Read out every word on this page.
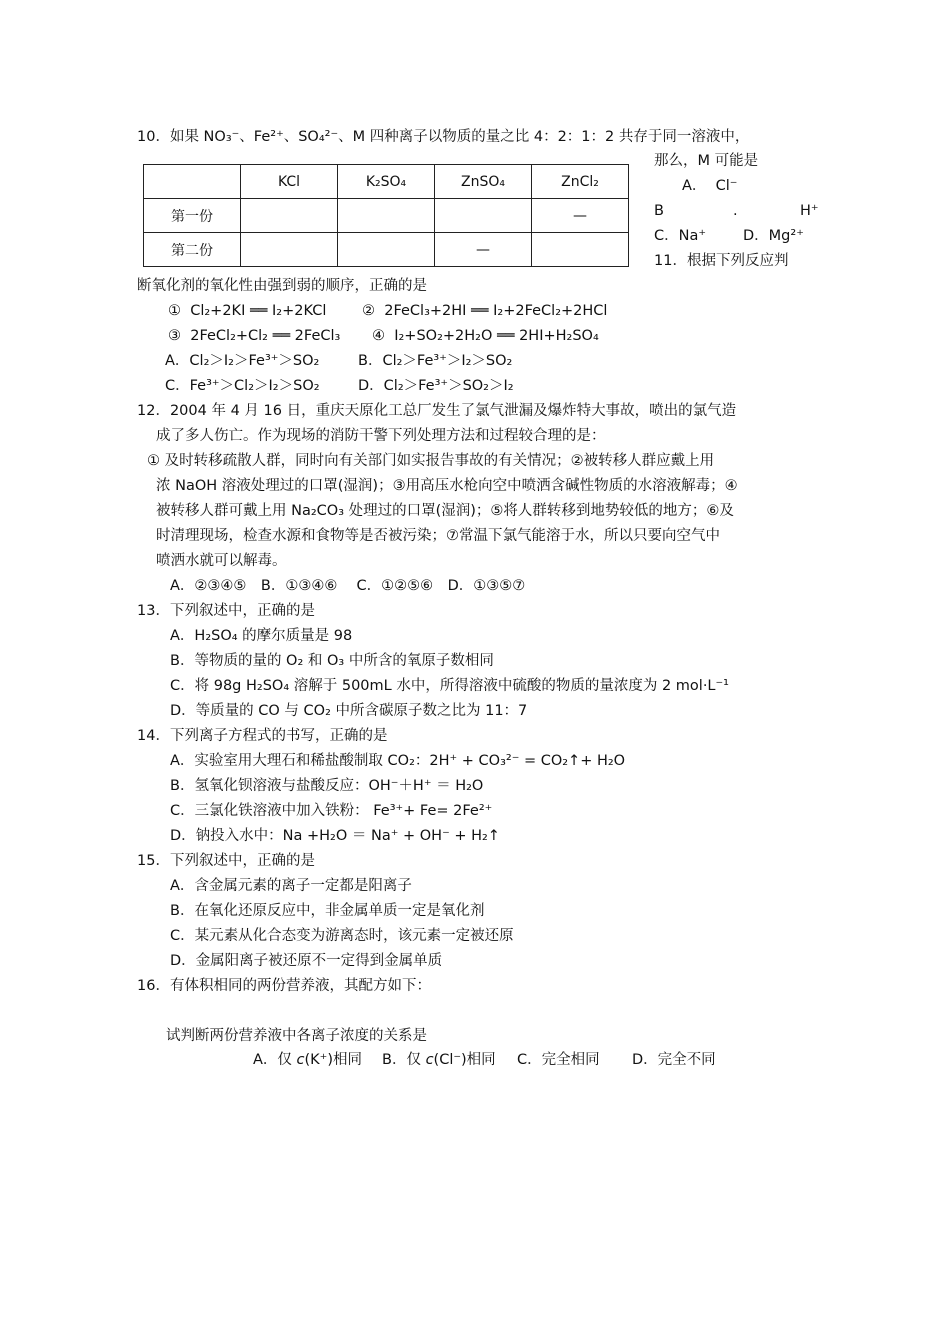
10．如果 NO₃⁻、Fe²⁺、SO₄²⁻、M 四种离子以物质的量之比 4：2：1：2 共存于同一溶液中，
那么，M 可能是
A． Cl⁻
B	.	H⁺
C．Na⁺	D．Mg²⁺
	KCl	K₂SO₄	ZnSO₄	ZnCl₂
第一份				—
第二份			—	
11．根据下列反应判
断氧化剂的氧化性由强到弱的顺序，正确的是
① Cl₂+2KI ══ I₂+2KCl ② 2FeCl₃+2HI ══ I₂+2FeCl₂+2HCl
③ 2FeCl₂+Cl₂ ══ 2FeCl₃ ④ I₂+SO₂+2H₂O ══ 2HI+H₂SO₄
A．Cl₂＞I₂＞Fe³⁺＞SO₂	B．Cl₂＞Fe³⁺＞I₂＞SO₂
C．Fe³⁺＞Cl₂＞I₂＞SO₂	D．Cl₂＞Fe³⁺＞SO₂＞I₂
12．2004 年 4 月 16 日，重庆天原化工总厂发生了氯气泄漏及爆炸特大事故，喷出的氯气造
成了多人伤亡。作为现场的消防干警下列处理方法和过程较合理的是：
① 及时转移疏散人群，同时向有关部门如实报告事故的有关情况；②被转移人群应戴上用
浓 NaOH 溶液处理过的口罩(湿润)；③用高压水枪向空中喷洒含碱性物质的水溶液解毒；④
被转移人群可戴上用 Na₂CO₃ 处理过的口罩(湿润)；⑤将人群转移到地势较低的地方；⑥及
时清理现场，检查水源和食物等是否被污染；⑦常温下氯气能溶于水，所以只要向空气中
喷洒水就可以解毒。
A．②③④⑤　B．①③④⑥　 C．①②⑤⑥　D．①③⑤⑦
13．下列叙述中，正确的是
A．H₂SO₄ 的摩尔质量是 98
B．等物质的量的 O₂ 和 O₃ 中所含的氧原子数相同
C．将 98g H₂SO₄ 溶解于 500mL 水中，所得溶液中硫酸的物质的量浓度为 2 mol·L⁻¹
D．等质量的 CO 与 CO₂ 中所含碳原子数之比为 11：7
14．下列离子方程式的书写，正确的是
A．实验室用大理石和稀盐酸制取 CO₂：2H⁺ + CO₃²⁻ = CO₂↑+ H₂O
B．氢氧化钡溶液与盐酸反应：OH⁻＋H⁺ ＝ H₂O
C．三氯化铁溶液中加入铁粉： Fe³⁺+ Fe= 2Fe²⁺
D．钠投入水中：Na +H₂O ＝ Na⁺ + OH⁻ + H₂↑
15．下列叙述中，正确的是
A．含金属元素的离子一定都是阳离子
B．在氧化还原反应中，非金属单质一定是氧化剂
C．某元素从化合态变为游离态时，该元素一定被还原
D．金属阳离子被还原不一定得到金属单质
16．有体积相同的两份营养液，其配方如下：
试判断两份营养液中各离子浓度的关系是
A．仅 c(K⁺)相同 B．仅 c(Cl⁻)相同 C．完全相同 D．完全不同
